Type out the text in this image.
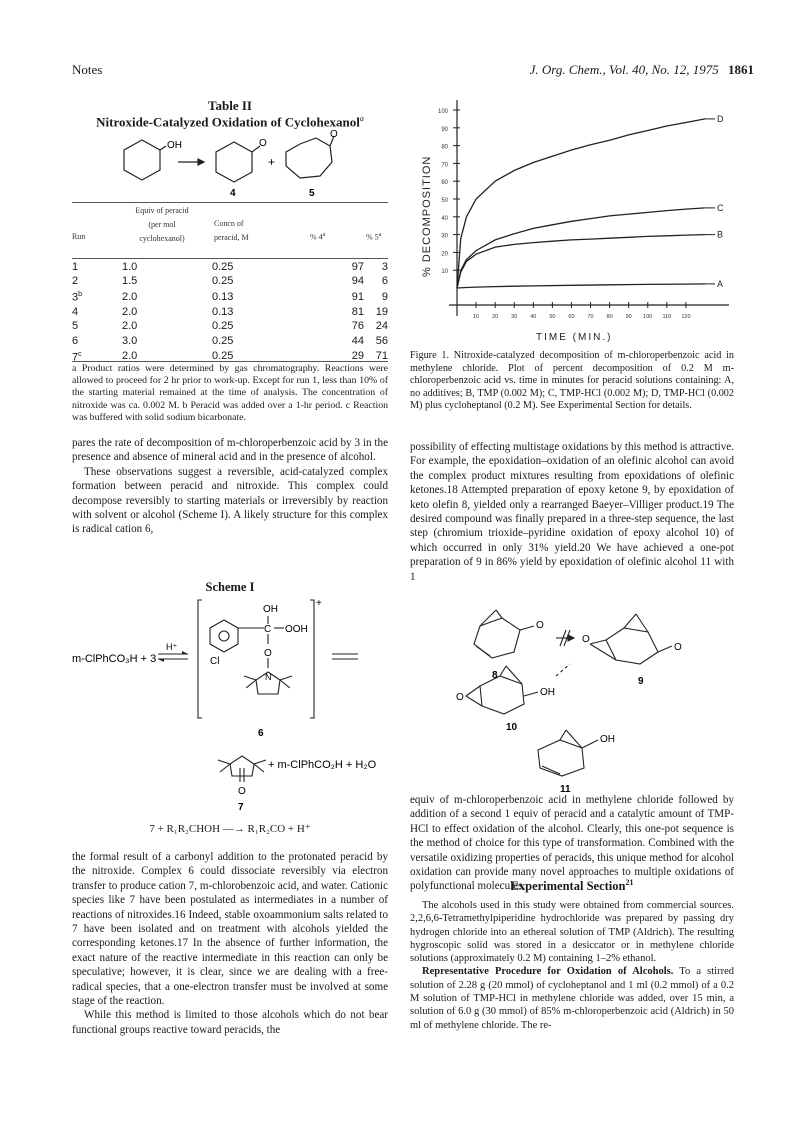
Notes	J. Org. Chem., Vol. 40, No. 12, 1975 1861
Table II
Nitroxide-Catalyzed Oxidation of Cyclohexanol$^a$
OH	O
O
+
4	5
Equiv of peracid
(per mol
cyclohexanol)
Run
Concn of
peracid, M	% 4$^a$	% 5$^a$
1	1.0	0.25	97	3
2	1.5	0.25	94	6
3$^b$	2.0	0.13	91	9
4	2.0	0.13	81	19
5	2.0	0.25	76	24
6	3.0	0.25	44	56
7$^c$	2.0	0.25	29	71
a Product ratios were determined by gas chromatography. Reactions were allowed to proceed for 2 hr prior to work-up. Except for run 1, less than 10% of the starting material remained at the time of analysis. The concentration of nitroxide was ca. 0.002 M. b Peracid was added over a 1-hr period. c Reaction was buffered with solid sodium bicarbonate.

pares the rate of decomposition of m-chloroperbenzoic acid by 3 in the presence and absence of mineral acid and in the presence of alcohol.

These observations suggest a reversible, acid-catalyzed complex formation between peracid and nitroxide. This complex could decompose reversibly to starting materials or irreversibly by reaction with solvent or alcohol (Scheme I). A likely structure for this complex is radical cation 6,

Scheme I
m-ClPhCO₃H + 3
H⁺
OH
C OOH
Cl
O
N
+
6
+ m-ClPhCO₂H + H₂O
O
7
7 + R₁R₂CHOH —→ R₁R₂CO + H⁺

the formal result of a carbonyl addition to the protonated peracid by the nitroxide. Complex 6 could dissociate reversibly via electron transfer to produce cation 7, m-chlorobenzoic acid, and water. Cationic species like 7 have been postulated as intermediates in a number of reactions of nitroxides.16 Indeed, stable oxoammonium salts related to 7 have been isolated and on treatment with alcohols yielded the corresponding ketones.17 In the absence of further information, the exact nature of the reactive intermediate in this reaction can only be speculative; however, it is clear, since we are dealing with a free-radical species, that a one-electron transfer must be involved at some stage of the reaction.

While this method is limited to those alcohols which do not bear functional groups reactive toward peracids, the

10
20
30
40
50
60
70
80
90
100
10 20 30 40 50 60 70 80 90 100 110 120
D
C
B
A
% DECOMPOSITION
TIME (MIN.)
Figure 1. Nitroxide-catalyzed decomposition of m-chloroperbenzoic acid in methylene chloride. Plot of percent decomposition of 0.2 M m-chloroperbenzoic acid vs. time in minutes for peracid solutions containing: A, no additives; B, TMP (0.002 M); C, TMP-HCl (0.002 M); D, TMP-HCl (0.002 M) plus cycloheptanol (0.2 M). See Experimental Section for details.
possibility of effecting multistage oxidations by this method is attractive. For example, the epoxidation–oxidation of an olefinic alcohol can avoid the complex product mixtures resulting from epoxidations of olefinic ketones.18 Attempted preparation of epoxy ketone 9, by epoxidation of keto olefin 8, yielded only a rearranged Baeyer–Villiger product.19 The desired compound was finally prepared in a three-step sequence, the last step (chromium trioxide–pyridine oxidation of epoxy alcohol 10) of which occurred in only 31% yield.20 We have achieved a one-pot preparation of 9 in 86% yield by epoxidation of olefinic alcohol 11 with 1
O
8
O
O
9
O	OH
10
OH
11
equiv of m-chloroperbenzoic acid in methylene chloride followed by addition of a second 1 equiv of peracid and a catalytic amount of TMP-HCl to effect oxidation of the alcohol. Clearly, this one-pot sequence is the method of choice for this type of transformation. Combined with the versatile oxidizing properties of peracids, this unique method for alcohol oxidation can provide many novel approaches to multiple oxidations of polyfunctional molecules.
Experimental Section$^{21}$

The alcohols used in this study were obtained from commercial sources. 2,2,6,6-Tetramethylpiperidine hydrochloride was prepared by passing dry hydrogen chloride into an ethereal solution of TMP (Aldrich). The resulting hygroscopic solid was stored in a desiccator or in methylene chloride solutions (approximately 0.2 M) containing 1–2% ethanol.

Representative Procedure for Oxidation of Alcohols. To a stirred solution of 2.28 g (20 mmol) of cycloheptanol and 1 ml (0.2 mmol) of a 0.2 M solution of TMP-HCl in methylene chloride was added, over 15 min, a solution of 6.0 g (30 mmol) of 85% m-chloroperbenzoic acid (Aldrich) in 50 ml of methylene chloride. The re-
